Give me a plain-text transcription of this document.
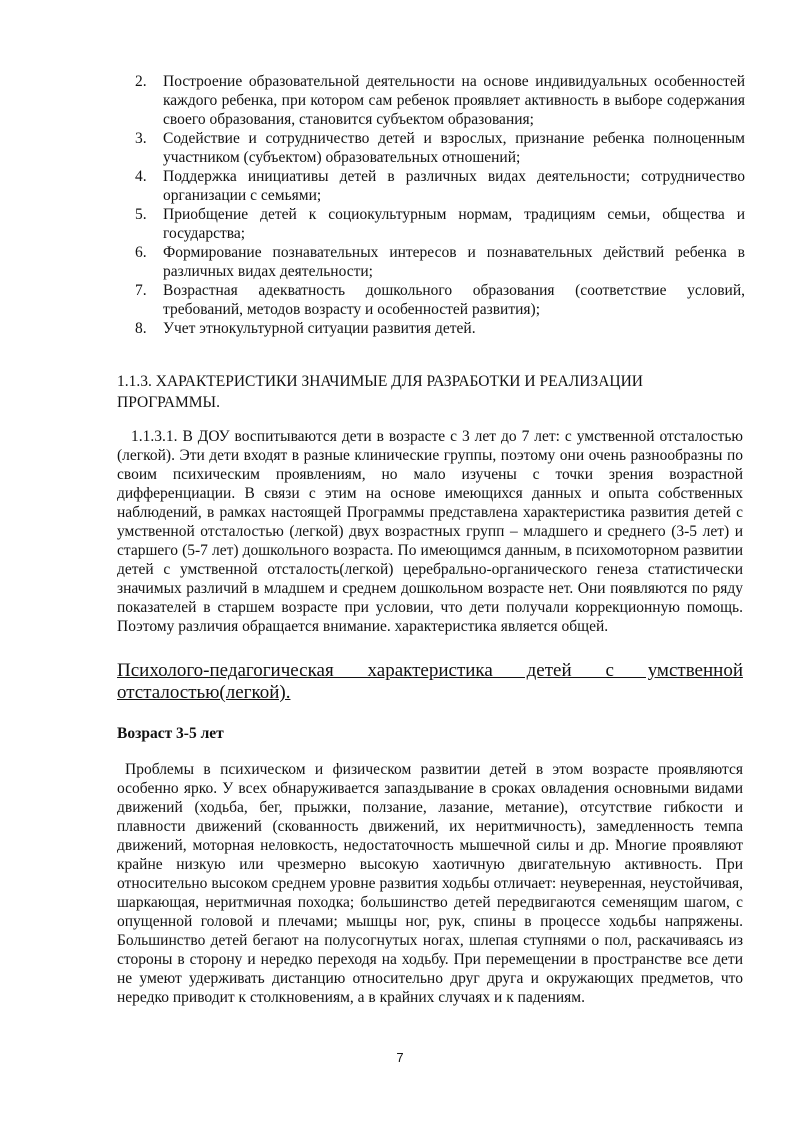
2. Построение образовательной деятельности на основе индивидуальных особенностей каждого ребенка, при котором сам ребенок проявляет активность в выборе содержания своего образования, становится субъектом образования;
3. Содействие и сотрудничество детей и взрослых, признание ребенка полноценным участником (субъектом) образовательных отношений;
4. Поддержка инициативы детей в различных видах деятельности; сотрудничество организации с семьями;
5. Приобщение детей к социокультурным нормам, традициям семьи, общества и государства;
6. Формирование познавательных интересов и познавательных действий ребенка в различных видах деятельности;
7. Возрастная адекватность дошкольного образования (соответствие условий, требований, методов возрасту и особенностей развития);
8. Учет этнокультурной ситуации развития детей.
1.1.3. ХАРАКТЕРИСТИКИ ЗНАЧИМЫЕ ДЛЯ РАЗРАБОТКИ И РЕАЛИЗАЦИИ ПРОГРАММЫ.

1.1.3.1. В ДОУ воспитываются дети в возрасте с 3 лет до 7 лет: с умственной отсталостью (легкой). Эти дети входят в разные клинические группы, поэтому они очень разнообразны по своим психическим проявлениям, но мало изучены с точки зрения возрастной дифференциации. В связи с этим на основе имеющихся данных и опыта собственных наблюдений, в рамках настоящей Программы представлена характеристика развития детей с умственной отсталостью (легкой) двух возрастных групп – младшего и среднего (3-5 лет) и старшего (5-7 лет) дошкольного возраста. По имеющимся данным, в психомоторном развитии детей с умственной отсталость(легкой) церебрально-органического генеза статистически значимых различий в младшем и среднем дошкольном возрасте нет. Они появляются по ряду показателей в старшем возрасте при условии, что дети получали коррекционную помощь. Поэтому различия обращается внимание. характеристика является общей.

Психолого-педагогическая характеристика детей с умственной отсталостью(легкой).
Возраст 3-5 лет

Проблемы в психическом и физическом развитии детей в этом возрасте проявляются особенно ярко. У всех обнаруживается запаздывание в сроках овладения основными видами движений (ходьба, бег, прыжки, ползание, лазание, метание), отсутствие гибкости и плавности движений (скованность движений, их неритмичность), замедленность темпа движений, моторная неловкость, недостаточность мышечной силы и др. Многие проявляют крайне низкую или чрезмерно высокую хаотичную двигательную активность. При относительно высоком среднем уровне развития ходьбы отличает: неуверенная, неустойчивая, шаркающая, неритмичная походка; большинство детей передвигаются семенящим шагом, с опущенной головой и плечами; мышцы ног, рук, спины в процессе ходьбы напряжены. Большинство детей бегают на полусогнутых ногах, шлепая ступнями о пол, раскачиваясь из стороны в сторону и нередко переходя на ходьбу. При перемещении в пространстве все дети не умеют удерживать дистанцию относительно друг друга и окружающих предметов, что нередко приводит к столкновениям, а в крайних случаях и к падениям.

7
